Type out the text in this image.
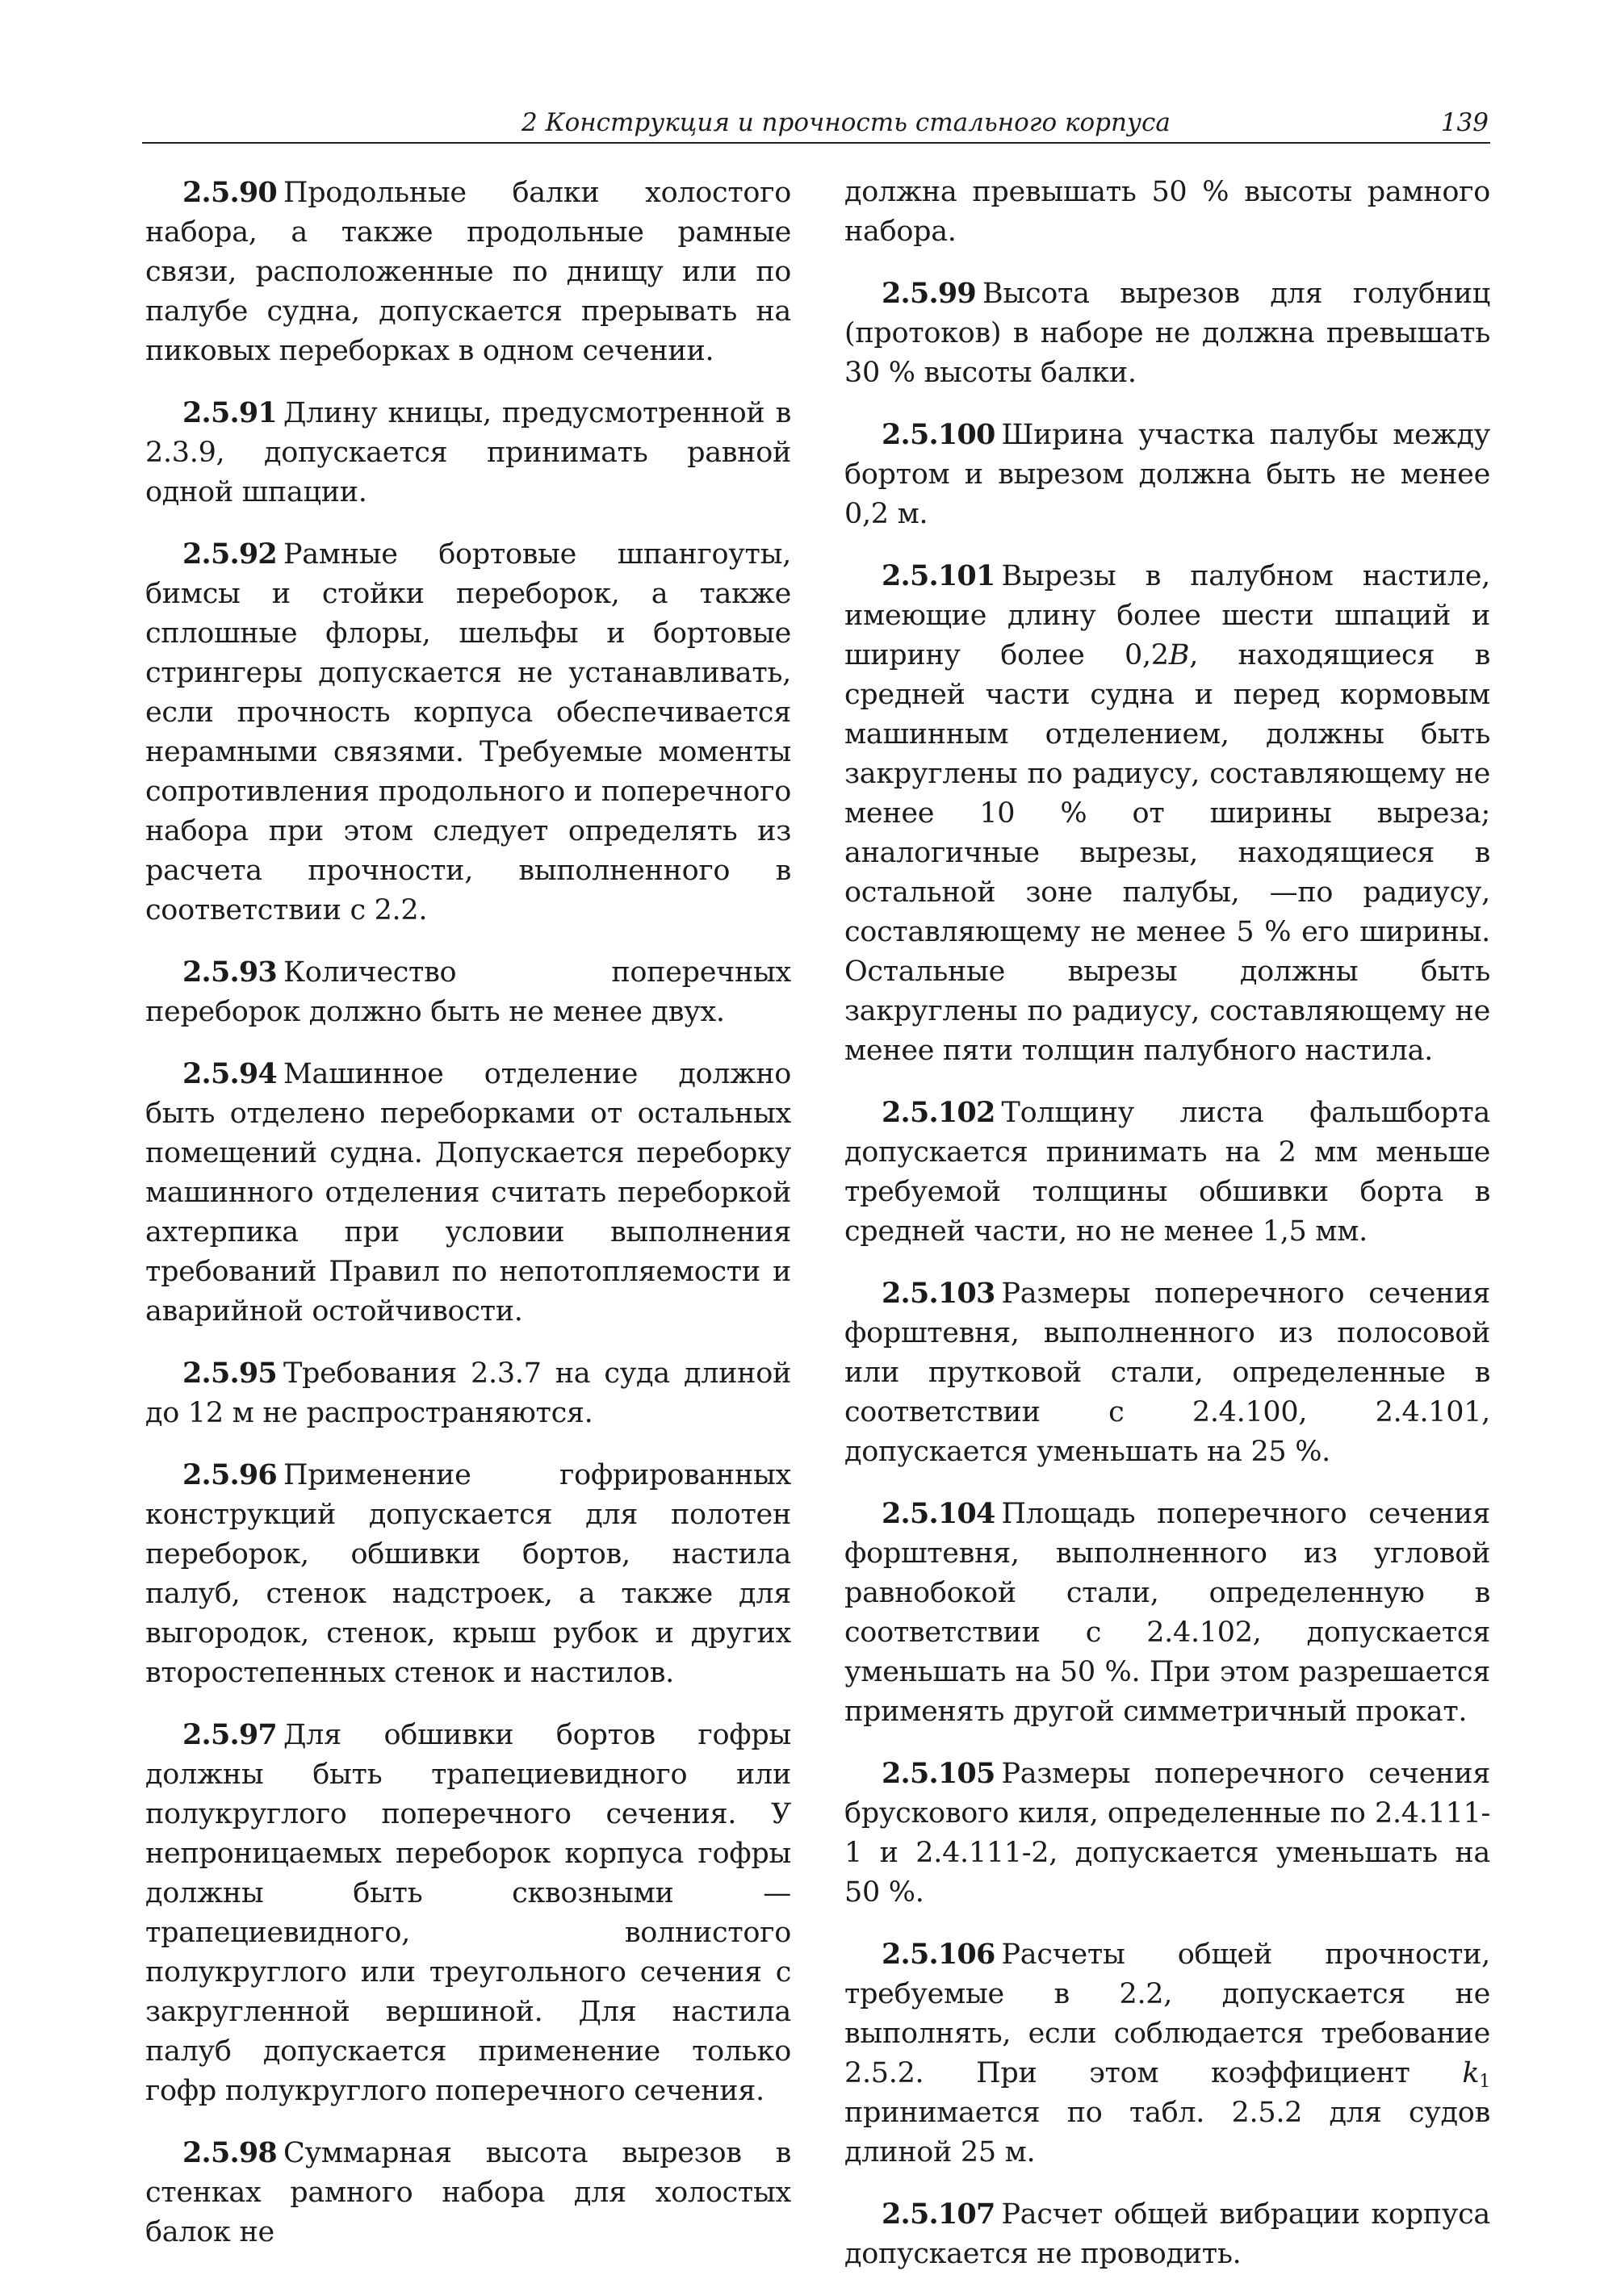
2 Конструкция и прочность стального корпуса	139

2.5.90 Продольные балки холостого набора, а также продольные рамные связи, расположенные по днищу или по палубе судна, допускается прерывать на пиковых переборках в одном сечении.

2.5.91 Длину кницы, предусмотренной в 2.3.9, допускается принимать равной одной шпации.

2.5.92 Рамные бортовые шпангоуты, бимсы и стойки переборок, а также сплошные флоры, шельфы и бортовые стрингеры допускается не устанавливать, если прочность корпуса обеспечивается нерамными связями. Требуемые моменты сопротивления продольного и поперечного набора при этом следует определять из расчета прочности, выполненного в соответствии с 2.2.

2.5.93 Количество поперечных переборок должно быть не менее двух.

2.5.94 Машинное отделение должно быть отделено переборками от остальных помещений судна. Допускается переборку машинного отделения считать переборкой ахтерпика при условии выполнения требований Правил по непотопляемости и аварийной остойчивости.

2.5.95 Требования 2.3.7 на суда длиной до 12 м не распространяются.

2.5.96 Применение гофрированных конструкций допускается для полотен переборок, обшивки бортов, настила палуб, стенок надстроек, а также для выгородок, стенок, крыш рубок и других второстепенных стенок и настилов.

2.5.97 Для обшивки бортов гофры должны быть трапециевидного или полукруглого поперечного сечения. У непроницаемых переборок корпуса гофры должны быть сквозными — трапециевидного, волнистого полукруглого или треугольного сечения с закругленной вершиной. Для настила палуб допускается применение только гофр полукруглого поперечного сечения.

2.5.98 Суммарная высота вырезов в стенках рамного набора для холостых балок не

должна превышать 50 % высоты рамного набора.

2.5.99 Высота вырезов для голубниц (протоков) в наборе не должна превышать 30 % высоты балки.

2.5.100 Ширина участка палубы между бортом и вырезом должна быть не менее 0,2 м.

2.5.101 Вырезы в палубном настиле, имеющие длину более шести шпаций и ширину более 0,2B, находящиеся в средней части судна и перед кормовым машинным отделением, должны быть закруглены по радиусу, составляющему не менее 10 % от ширины выреза; аналогичные вырезы, находящиеся в остальной зоне палубы, —по радиусу, составляющему не менее 5 % его ширины. Остальные вырезы должны быть закруглены по радиусу, составляющему не менее пяти толщин палубного настила.

2.5.102 Толщину листа фальшборта допускается принимать на 2 мм меньше требуемой толщины обшивки борта в средней части, но не менее 1,5 мм.

2.5.103 Размеры поперечного сечения форштевня, выполненного из полосовой или прутковой стали, определенные в соответствии с 2.4.100, 2.4.101, допускается уменьшать на 25 %.

2.5.104 Площадь поперечного сечения форштевня, выполненного из угловой равнобокой стали, определенную в соответствии с 2.4.102, допускается уменьшать на 50 %. При этом разрешается применять другой симметричный прокат.

2.5.105 Размеры поперечного сечения брускового киля, определенные по 2.4.111-1 и 2.4.111-2, допускается уменьшать на 50 %.

2.5.106 Расчеты общей прочности, требуемые в 2.2, допускается не выполнять, если соблюдается требование 2.5.2. При этом коэффициент $k_1$ принимается по табл. 2.5.2 для судов длиной 25 м.

2.5.107 Расчет общей вибрации корпуса допускается не проводить.
